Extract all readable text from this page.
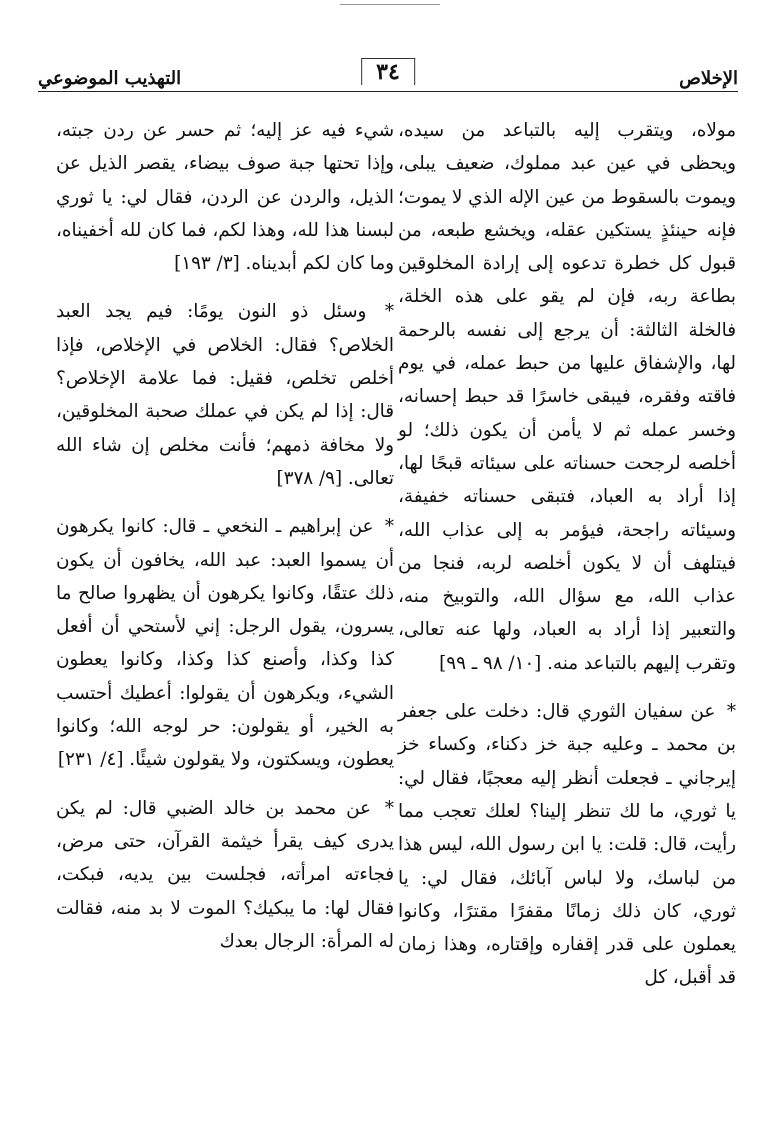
الإخلاص
٣٤
التهذيب الموضوعي

مولاه، ويتقرب إليه بالتباعد من سيده، ويحظى في عين عبد مملوك، ضعيف يبلى، ويموت بالسقوط من عين الإله الذي لا يموت؛ فإنه حينئذٍ يستكين عقله، ويخشع طبعه، من قبول كل خطرة تدعوه إلى إرادة المخلوقين بطاعة ربه، فإن لم يقو على هذه الخلة، فالخلة الثالثة: أن يرجع إلى نفسه بالرحمة لها، والإشفاق عليها من حبط عمله، في يوم فاقته وفقره، فيبقى خاسرًا قد حبط إحسانه، وخسر عمله ثم لا يأمن أن يكون ذلك؛ لو أخلصه لرجحت حسناته على سيئاته قبحًا لها، إذا أراد به العباد، فتبقى حسناته خفيفة، وسيئاته راجحة، فيؤمر به إلى عذاب الله، فيتلهف أن لا يكون أخلصه لربه، فنجا من عذاب الله، مع سؤال الله، والتوبيخ منه، والتعبير إذا أراد به العباد، ولها عنه تعالى، وتقرب إليهم بالتباعد منه. [١٠/ ٩٨ ـ ٩٩]

* عن سفيان الثوري قال: دخلت على جعفر بن محمد ـ وعليه جبة خز دكناء، وكساء خز إيرجاني ـ فجعلت أنظر إليه معجبًا، فقال لي: يا ثوري، ما لك تنظر إلينا؟ لعلك تعجب مما رأيت، قال: قلت: يا ابن رسول الله، ليس هذا من لباسك، ولا لباس آبائك، فقال لي: يا ثوري، كان ذلك زمانًا مقفرًا مقترًا، وكانوا يعملون على قدر إقفاره وإقتاره، وهذا زمان قد أقبل، كل

شيء فيه عز إليه؛ ثم حسر عن ردن جبته، وإذا تحتها جبة صوف بيضاء، يقصر الذيل عن الذيل، والردن عن الردن، فقال لي: يا ثوري لبسنا هذا لله، وهذا لكم، فما كان لله أخفيناه، وما كان لكم أبديناه. [٣/ ١٩٣]

* وسئل ذو النون يومًا: فيم يجد العبد الخلاص؟ فقال: الخلاص في الإخلاص، فإذا أخلص تخلص، فقيل: فما علامة الإخلاص؟ قال: إذا لم يكن في عملك صحبة المخلوقين، ولا مخافة ذمهم؛ فأنت مخلص إن شاء الله تعالى. [٩/ ٣٧٨]

* عن إبراهيم ـ النخعي ـ قال: كانوا يكرهون أن يسموا العبد: عبد الله، يخافون أن يكون ذلك عتقًا، وكانوا يكرهون أن يظهروا صالح ما يسرون، يقول الرجل: إني لأستحي أن أفعل كذا وكذا، وأصنع كذا وكذا، وكانوا يعطون الشيء، ويكرهون أن يقولوا: أعطيك أحتسب به الخير، أو يقولون: حر لوجه الله؛ وكانوا يعطون، ويسكتون، ولا يقولون شيئًا. [٤/ ٢٣١]

* عن محمد بن خالد الضبي قال: لم يكن يدرى كيف يقرأ خيثمة القرآن، حتى مرض، فجاءته امرأته، فجلست بين يديه، فبكت، فقال لها: ما يبكيك؟ الموت لا بد منه، فقالت له المرأة: الرجال بعدك
